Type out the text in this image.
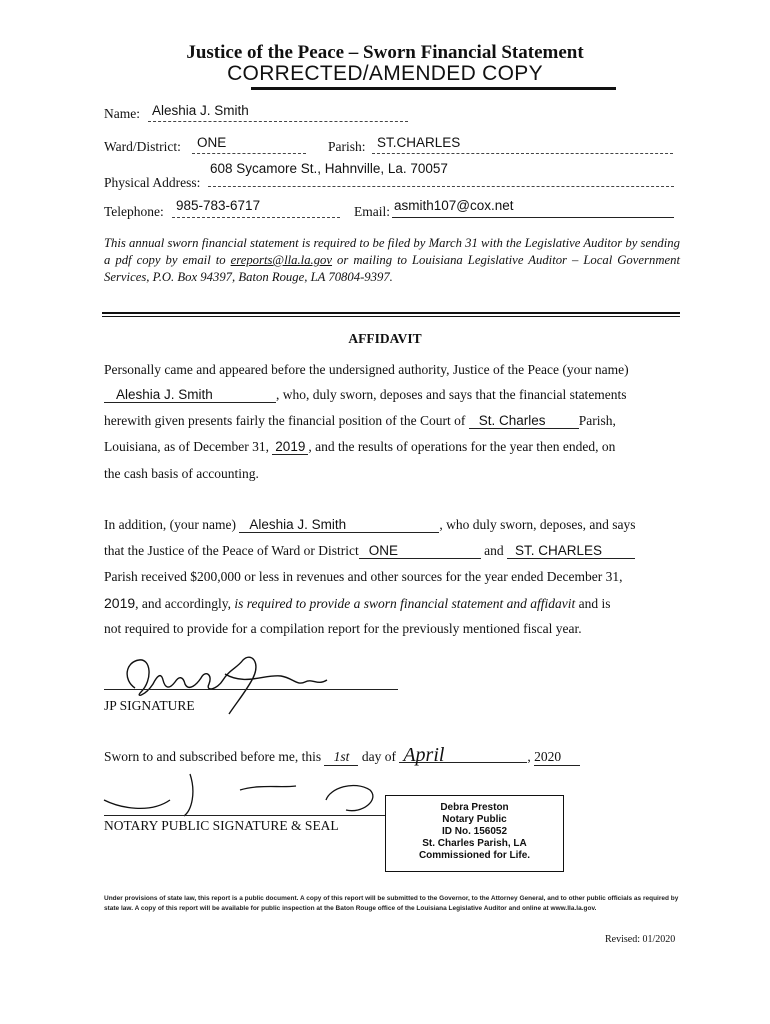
Justice of the Peace – Sworn Financial Statement
CORRECTED/AMENDED COPY
Name: Aleshia J. Smith
Ward/District: ONE	Parish: ST.CHARLES
Physical Address:
608 Sycamore St., Hahnville, La. 70057
Telephone: 985-783-6717	Email: asmith107@cox.net
This annual sworn financial statement is required to be filed by March 31 with the Legislative Auditor by sending a pdf copy by email to ereports@lla.la.gov or mailing to Louisiana Legislative Auditor – Local Government Services, P.O. Box 94397, Baton Rouge, LA 70804-9397.
AFFIDAVIT
Personally came and appeared before the undersigned authority, Justice of the Peace (your name)
Aleshia J. Smith	, who, duly sworn, deposes and says that the financial statements
herewith given presents fairly the financial position of the Court of St. Charles Parish,
Louisiana, as of December 31, 2019 , and the results of operations for the year then ended, on
the cash basis of accounting.
In addition, (your name) Aleshia J. Smith	, who duly sworn, deposes, and says
that the Justice of the Peace of Ward or District ONE	and ST. CHARLES
Parish received $200,000 or less in revenues and other sources for the year ended December 31,
2019, and accordingly, is required to provide a sworn financial statement and affidavit and is
not required to provide for a compilation report for the previously mentioned fiscal year.
JP SIGNATURE
Sworn to and subscribed before me, this 1st day of April	, 2020
NOTARY PUBLIC SIGNATURE & SEAL
Debra Preston
Notary Public
ID No. 156052
St. Charles Parish, LA
Commissioned for Life.
Under provisions of state law, this report is a public document. A copy of this report will be submitted to the Governor, to the Attorney General, and to other public officials as required by state law. A copy of this report will be available for public inspection at the Baton Rouge office of the Louisiana Legislative Auditor and online at www.lla.la.gov.
Revised: 01/2020
